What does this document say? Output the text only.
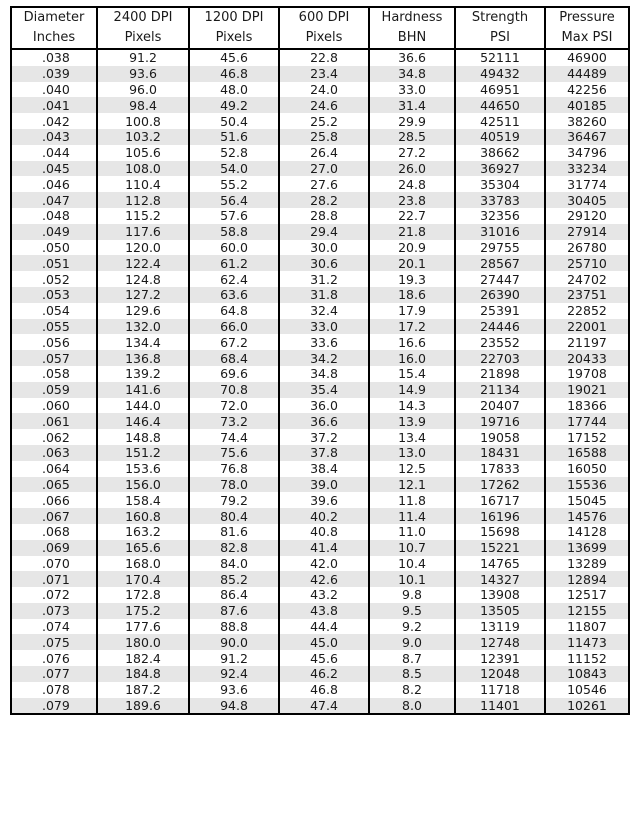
Diameter	2400 DPI	1200 DPI	600 DPI	Hardness	Strength	Pressure
Inches	Pixels	Pixels	Pixels	BHN	PSI	Max PSI
.038	91.2	45.6	22.8	36.6	52111	46900
.039	93.6	46.8	23.4	34.8	49432	44489
.040	96.0	48.0	24.0	33.0	46951	42256
.041	98.4	49.2	24.6	31.4	44650	40185
.042	100.8	50.4	25.2	29.9	42511	38260
.043	103.2	51.6	25.8	28.5	40519	36467
.044	105.6	52.8	26.4	27.2	38662	34796
.045	108.0	54.0	27.0	26.0	36927	33234
.046	110.4	55.2	27.6	24.8	35304	31774
.047	112.8	56.4	28.2	23.8	33783	30405
.048	115.2	57.6	28.8	22.7	32356	29120
.049	117.6	58.8	29.4	21.8	31016	27914
.050	120.0	60.0	30.0	20.9	29755	26780
.051	122.4	61.2	30.6	20.1	28567	25710
.052	124.8	62.4	31.2	19.3	27447	24702
.053	127.2	63.6	31.8	18.6	26390	23751
.054	129.6	64.8	32.4	17.9	25391	22852
.055	132.0	66.0	33.0	17.2	24446	22001
.056	134.4	67.2	33.6	16.6	23552	21197
.057	136.8	68.4	34.2	16.0	22703	20433
.058	139.2	69.6	34.8	15.4	21898	19708
.059	141.6	70.8	35.4	14.9	21134	19021
.060	144.0	72.0	36.0	14.3	20407	18366
.061	146.4	73.2	36.6	13.9	19716	17744
.062	148.8	74.4	37.2	13.4	19058	17152
.063	151.2	75.6	37.8	13.0	18431	16588
.064	153.6	76.8	38.4	12.5	17833	16050
.065	156.0	78.0	39.0	12.1	17262	15536
.066	158.4	79.2	39.6	11.8	16717	15045
.067	160.8	80.4	40.2	11.4	16196	14576
.068	163.2	81.6	40.8	11.0	15698	14128
.069	165.6	82.8	41.4	10.7	15221	13699
.070	168.0	84.0	42.0	10.4	14765	13289
.071	170.4	85.2	42.6	10.1	14327	12894
.072	172.8	86.4	43.2	9.8	13908	12517
.073	175.2	87.6	43.8	9.5	13505	12155
.074	177.6	88.8	44.4	9.2	13119	11807
.075	180.0	90.0	45.0	9.0	12748	11473
.076	182.4	91.2	45.6	8.7	12391	11152
.077	184.8	92.4	46.2	8.5	12048	10843
.078	187.2	93.6	46.8	8.2	11718	10546
.079	189.6	94.8	47.4	8.0	11401	10261
